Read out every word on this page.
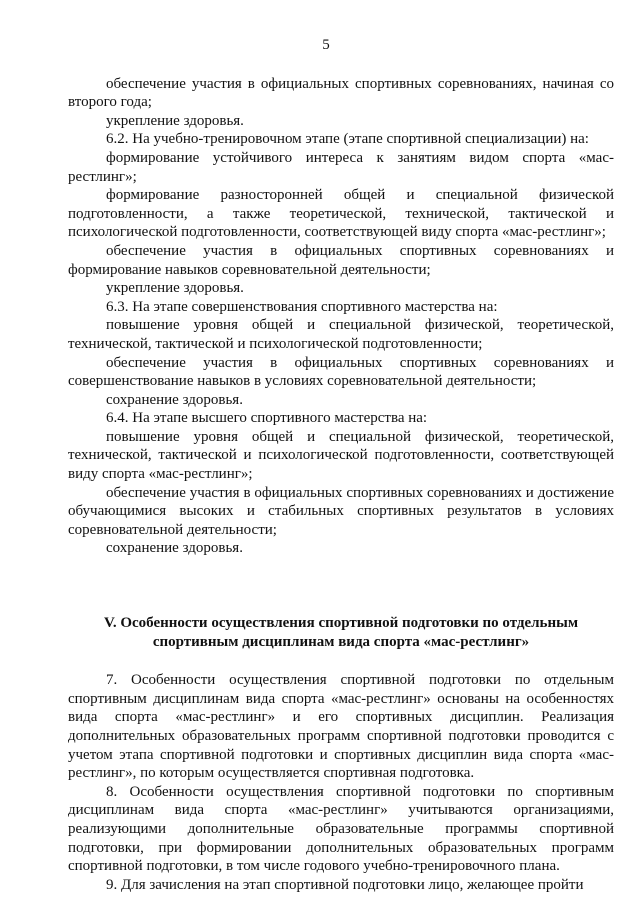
5

обеспечение участия в официальных спортивных соревнованиях, начиная со второго года;

укрепление здоровья.

6.2. На учебно-тренировочном этапе (этапе спортивной специализации) на:

формирование устойчивого интереса к занятиям видом спорта «мас-рестлинг»;

формирование разносторонней общей и специальной физической подготовленности, а также теоретической, технической, тактической и психологической подготовленности, соответствующей виду спорта «мас-рестлинг»;

обеспечение участия в официальных спортивных соревнованиях и формирование навыков соревновательной деятельности;

укрепление здоровья.

6.3. На этапе совершенствования спортивного мастерства на:

повышение уровня общей и специальной физической, теоретической, технической, тактической и психологической подготовленности;

обеспечение участия в официальных спортивных соревнованиях и совершенствование навыков в условиях соревновательной деятельности;

сохранение здоровья.

6.4. На этапе высшего спортивного мастерства на:

повышение уровня общей и специальной физической, теоретической, технической, тактической и психологической подготовленности, соответствующей виду спорта «мас-рестлинг»;

обеспечение участия в официальных спортивных соревнованиях и достижение обучающимися высоких и стабильных спортивных результатов в условиях соревновательной деятельности;

сохранение здоровья.

V. Особенности осуществления спортивной подготовки по отдельным спортивным дисциплинам вида спорта «мас-рестлинг»

7. Особенности осуществления спортивной подготовки по отдельным спортивным дисциплинам вида спорта «мас-рестлинг» основаны на особенностях вида спорта «мас-рестлинг» и его спортивных дисциплин. Реализация дополнительных образовательных программ спортивной подготовки проводится с учетом этапа спортивной подготовки и спортивных дисциплин вида спорта «мас-рестлинг», по которым осуществляется спортивная подготовка.

8. Особенности осуществления спортивной подготовки по спортивным дисциплинам вида спорта «мас-рестлинг» учитываются организациями, реализующими дополнительные образовательные программы спортивной подготовки, при формировании дополнительных образовательных программ спортивной подготовки, в том числе годового учебно-тренировочного плана.

9. Для зачисления на этап спортивной подготовки лицо, желающее пройти
